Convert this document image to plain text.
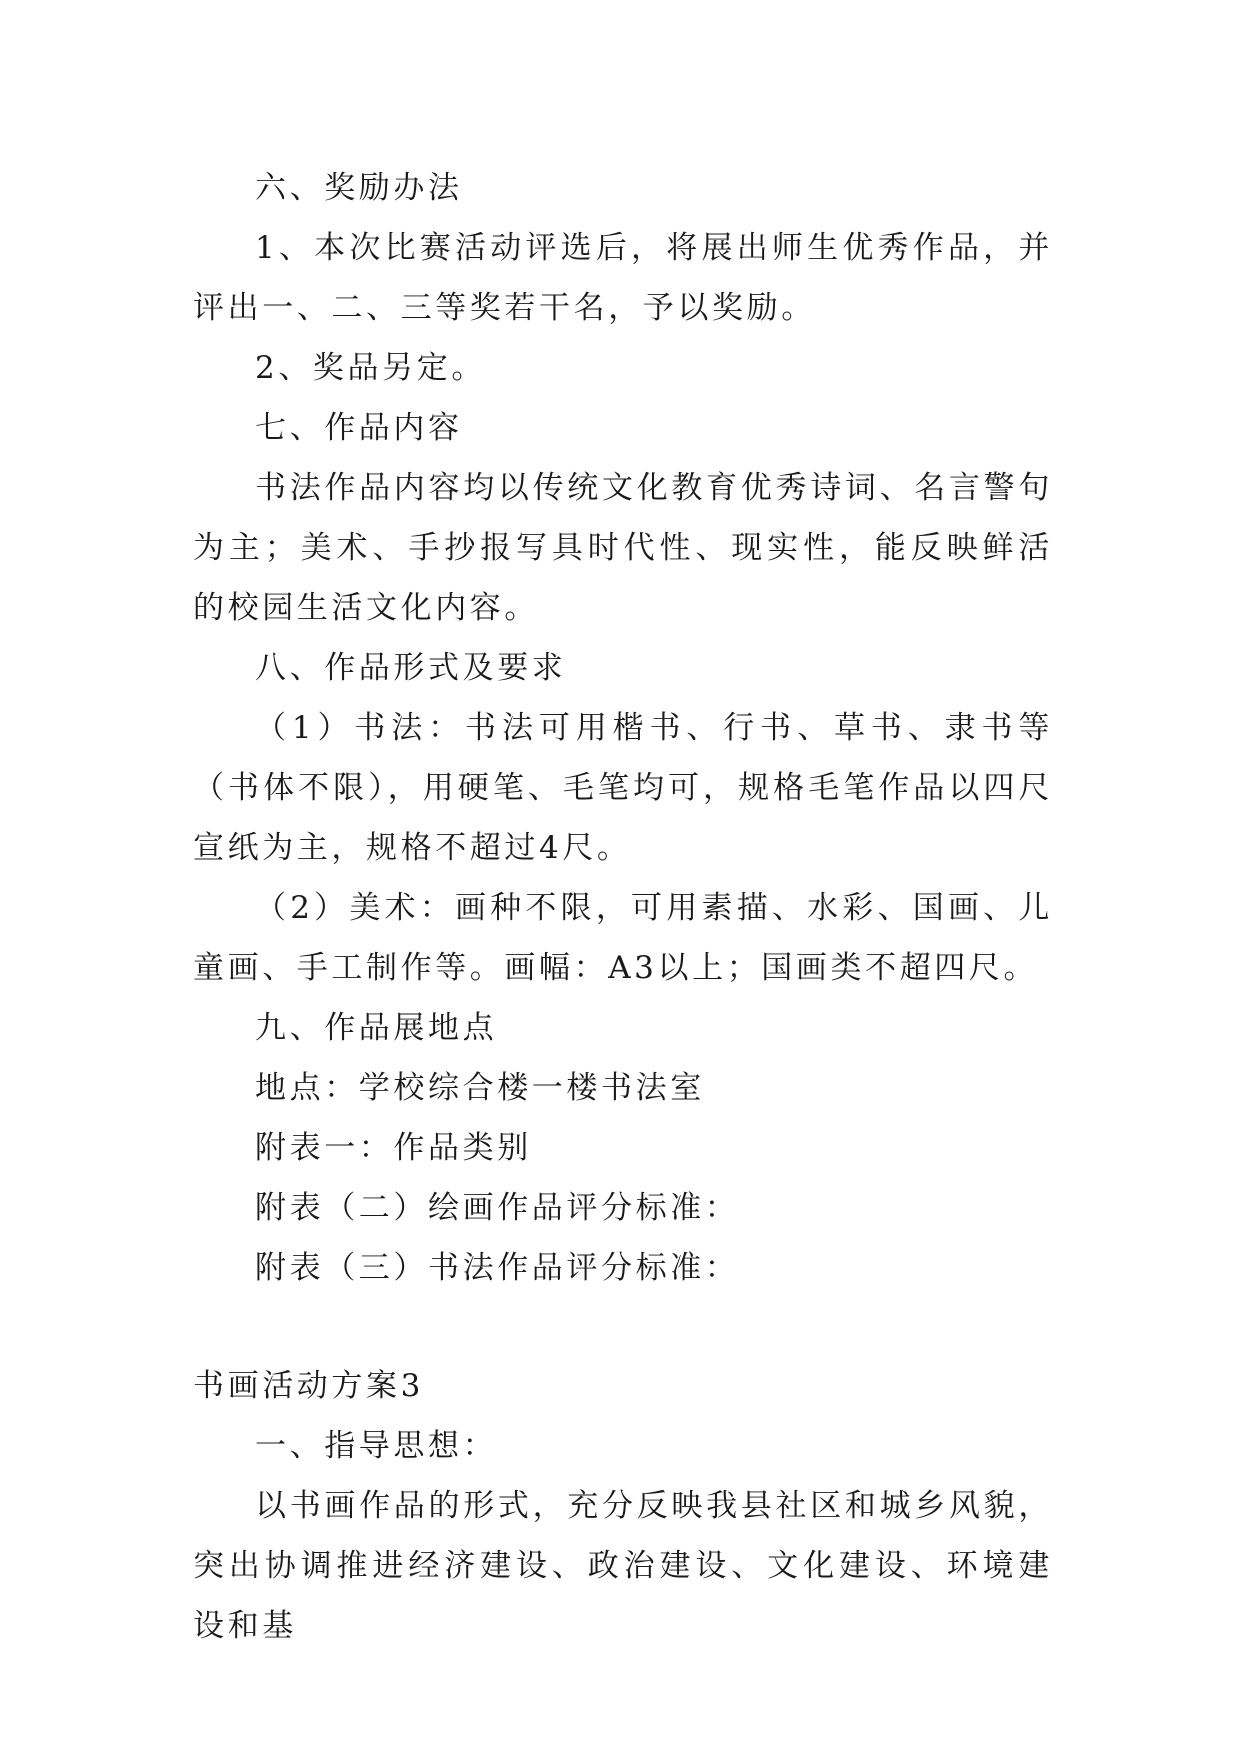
六、奖励办法

1、本次比赛活动评选后，将展出师生优秀作品，并评出一、二、三等奖若干名，予以奖励。

2、奖品另定。

七、作品内容

书法作品内容均以传统文化教育优秀诗词、名言警句为主；美术、手抄报写具时代性、现实性，能反映鲜活的校园生活文化内容。

八、作品形式及要求

（1）书法：书法可用楷书、行书、草书、隶书等（书体不限），用硬笔、毛笔均可，规格毛笔作品以四尺宣纸为主，规格不超过4尺。

（2）美术：画种不限，可用素描、水彩、国画、儿童画、手工制作等。画幅：A3以上；国画类不超四尺。

九、作品展地点

地点：学校综合楼一楼书法室

附表一：作品类别

附表（二）绘画作品评分标准：

附表（三）书法作品评分标准：

书画活动方案3

一、指导思想：

以书画作品的形式，充分反映我县社区和城乡风貌，突出协调推进经济建设、政治建设、文化建设、环境建设和基
